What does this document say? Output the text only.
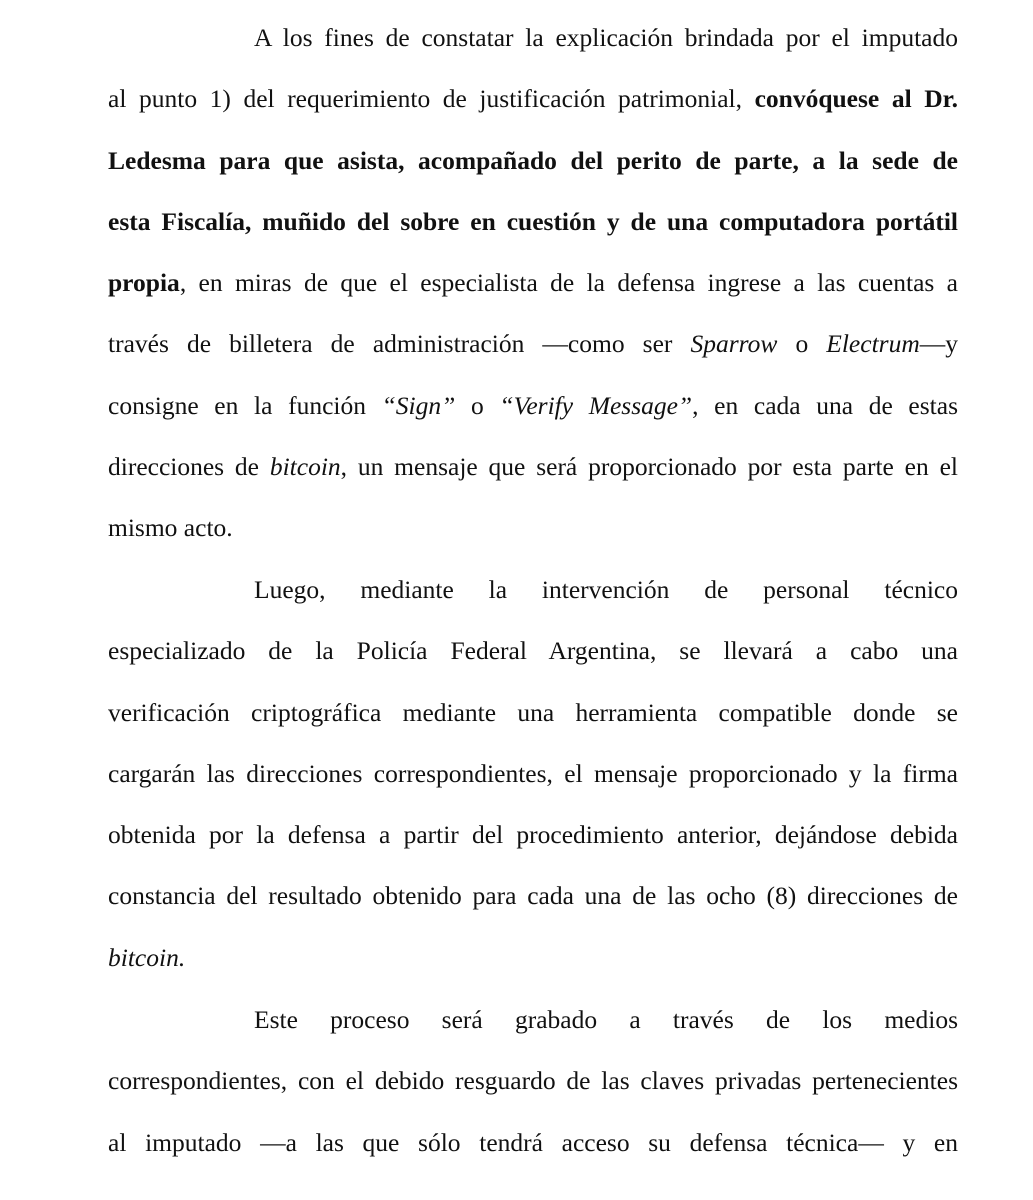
A los fines de constatar la explicación brindada por el imputado
al punto 1) del requerimiento de justificación patrimonial, convóquese al Dr.
Ledesma para que asista, acompañado del perito de parte, a la sede de
esta Fiscalía, muñido del sobre en cuestión y de una computadora portátil
propia, en miras de que el especialista de la defensa ingrese a las cuentas a
través de billetera de administración —como ser Sparrow o Electrum—y
consigne en la función “Sign” o “Verify Message”, en cada una de estas
direcciones de bitcoin, un mensaje que será proporcionado por esta parte en el
mismo acto.
Luego, mediante la intervención de personal técnico
especializado de la Policía Federal Argentina, se llevará a cabo una
verificación criptográfica mediante una herramienta compatible donde se
cargarán las direcciones correspondientes, el mensaje proporcionado y la firma
obtenida por la defensa a partir del procedimiento anterior, dejándose debida
constancia del resultado obtenido para cada una de las ocho (8) direcciones de
bitcoin.
Este proceso será grabado a través de los medios
correspondientes, con el debido resguardo de las claves privadas pertenecientes
al imputado —a las que sólo tendrá acceso su defensa técnica— y en
